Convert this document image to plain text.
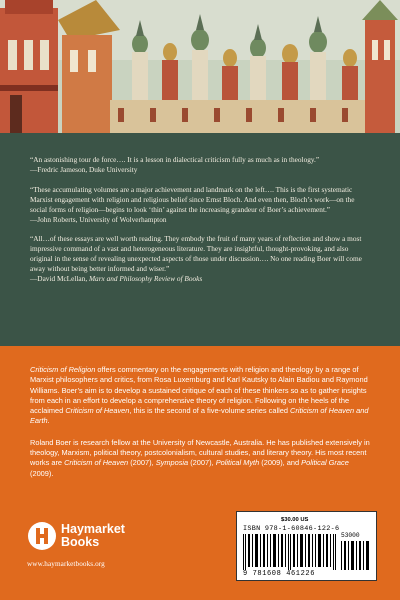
“An astonishing tour de force…. It is a lesson in dialectical criticism fully as much as in theology.”
—Fredric Jameson, Duke University
“These accumulating volumes are a major achievement and landmark on the left…. This is the first systematic Marxist engagement with religion and religious belief since Ernst Bloch. And even then, Bloch’s work—on the social forms of religion—begins to look ‘thin’ against the increasing grandeur of Boer’s achievement.”
—John Roberts, University of Wolverhampton
“All…of these essays are well worth reading. They embody the fruit of many years of reflection and show a most impressive command of a vast and heterogeneous literature. They are insightful, thought-provoking, and also original in the sense of revealing unexpected aspects of those under discussion…. No one reading Boer will come away without being better informed and wiser.”
—David McLellan, Marx and Philosophy Review of Books

Criticism of Religion offers commentary on the engagements with religion and theology by a range of Marxist philosophers and critics, from Rosa Luxemburg and Karl Kautsky to Alain Badiou and Raymond Williams. Boer’s aim is to develop a sustained critique of each of these thinkers so as to gather insights from each in an effort to develop a comprehensive theory of religion. Following on the heels of the acclaimed Criticism of Heaven, this is the second of a five-volume series called Criticism of Heaven and Earth.

Roland Boer is research fellow at the University of Newcastle, Australia. He has published extensively in theology, Marxism, political theory, postcolonialism, cultural studies, and literary theory. His most recent works are Criticism of Heaven (2007), Symposia (2007), Political Myth (2009), and Political Grace (2009).

Haymarket
Books
www.haymarketbooks.org
$30.00 US
ISBN 978-1-60846-122-6
53000
9 781608 461226
